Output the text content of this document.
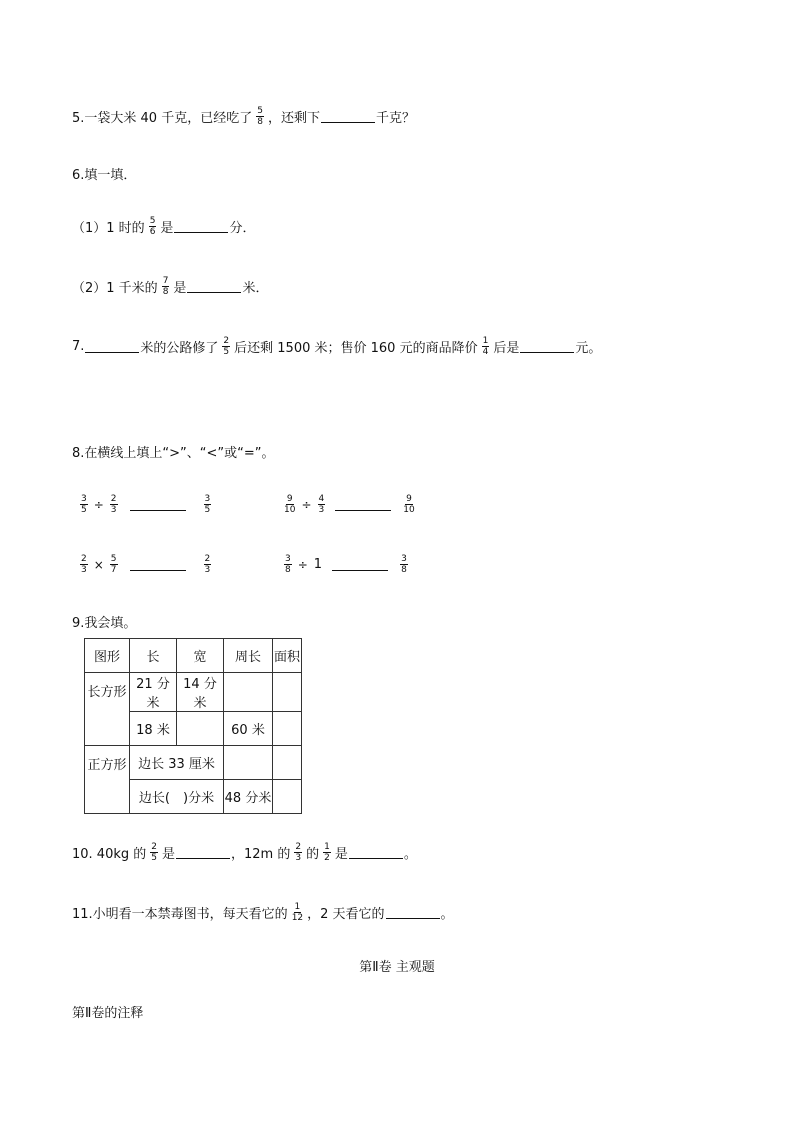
5.一袋大米 40 千克，已经吃了 $\frac{5}{8}$ ，还剩下	千克？
6.填一填．
（1）1 时的 $\frac{5}{6}$ 是	分．
（2）1 千米的 $\frac{7}{8}$ 是	米．
7.	米的公路修了 $\frac{2}{5}$ 后还剩 1500 米；售价 160 元的商品降价 $\frac{1}{4}$ 后是	元。
8.在横线上填上“>”、“<”或“=”。
$\frac{3}{5} \div \frac{2}{3}$	$\frac{3}{5}$	$\frac{9}{10} \div \frac{4}{3}$	$\frac{9}{10}$
$\frac{2}{3} \times \frac{5}{7}$	$\frac{2}{3}$	$\frac{3}{8} \div 1$	$\frac{3}{8}$
9.我会填。
图形	长	宽	周长	面积
长方形	21 分米	14 分米		
	18 米		60 米	
正方形	边长 33 厘米			
	边长(　)分米		48 分米	
10. 40kg 的 $\frac{2}{5}$ 是	，12m 的 $\frac{2}{3}$ 的 $\frac{1}{2}$ 是	。
11.小明看一本禁毒图书，每天看它的 $\frac{1}{12}$ ，2 天看它的	。
第Ⅱ卷 主观题
第Ⅱ卷的注释
